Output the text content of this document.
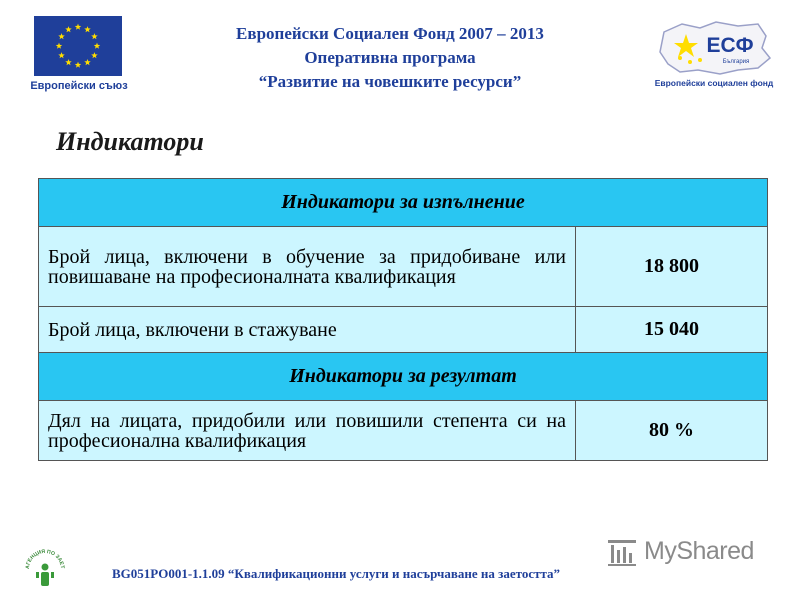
Европейски съюз
Европейски Социален Фонд 2007 – 2013
Оперативна програма
“Развитие на човешките ресурси”
ЕСФ
България
Европейски социален фонд
Индикатори
Индикатори за изпълнение	
Брой лица, включени в обучение за придобиване или повишаване на професионалната квалификация	18 800
Брой лица, включени в стажуване	15 040
Индикатори за резултат	
Дял на лицата, придобили или повишили степента си на професионална квалификация	80 %
АГЕНЦИЯ ПО ЗАЕТ	BG051PO001-1.1.09 “Квалификационни услуги и насърчаване на заетостта”
MyShared
